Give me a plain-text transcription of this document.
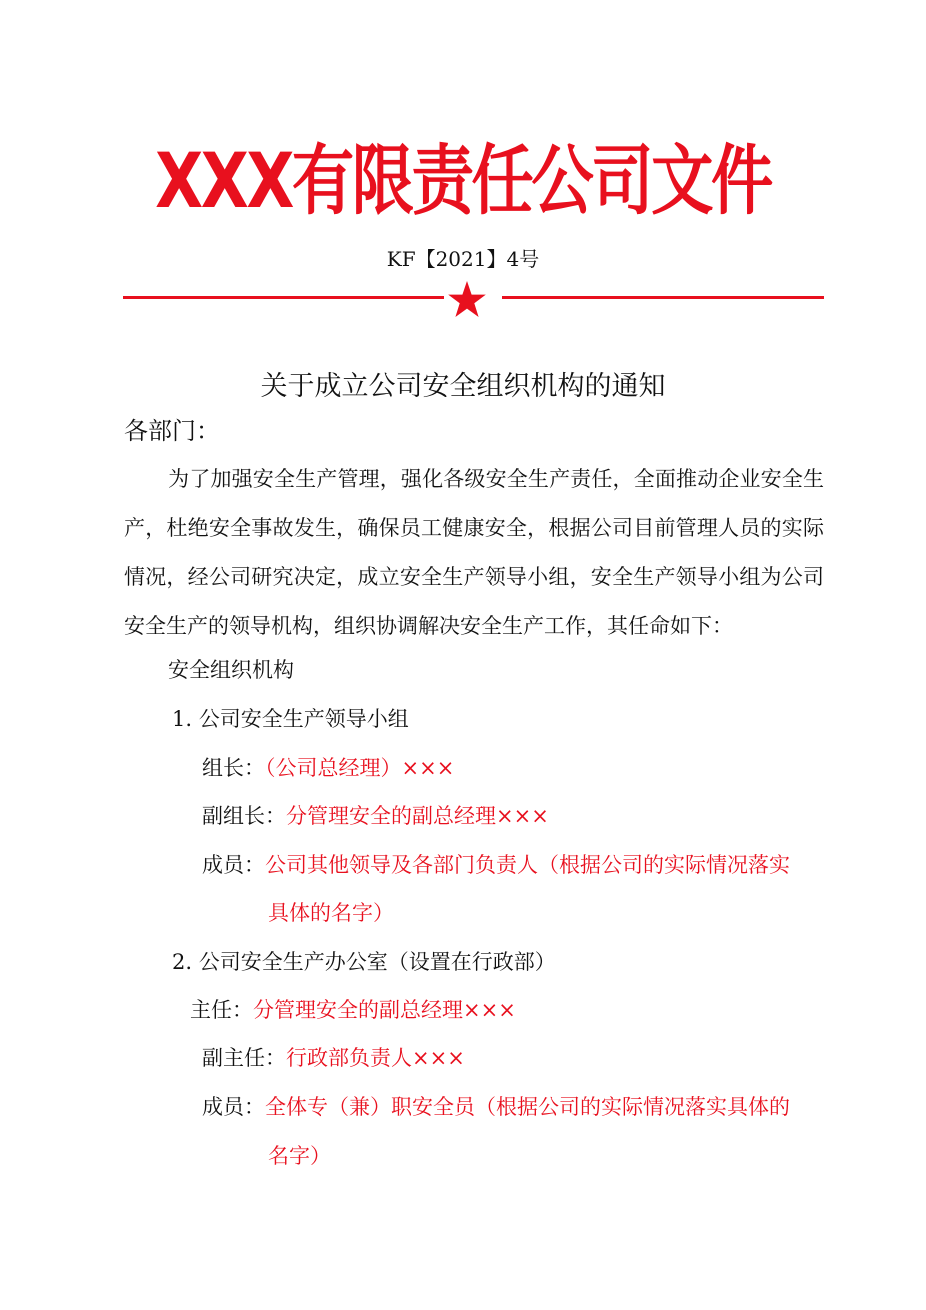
XXX有限责任公司文件
KF【2021】4号
关于成立公司安全组织机构的通知
各部门：
为了加强安全生产管理，强化各级安全生产责任，全面推动企业安全生产，杜绝安全事故发生，确保员工健康安全，根据公司目前管理人员的实际情况，经公司研究决定，成立安全生产领导小组，安全生产领导小组为公司安全生产的领导机构，组织协调解决安全生产工作，其任命如下：
安全组织机构
1. 公司安全生产领导小组
组长：（公司总经理）×××
副组长：分管理安全的副总经理×××
成员：公司其他领导及各部门负责人（根据公司的实际情况落实
具体的名字）
2. 公司安全生产办公室（设置在行政部）
主任：分管理安全的副总经理×××
副主任：行政部负责人×××
成员：全体专（兼）职安全员（根据公司的实际情况落实具体的
名字）
